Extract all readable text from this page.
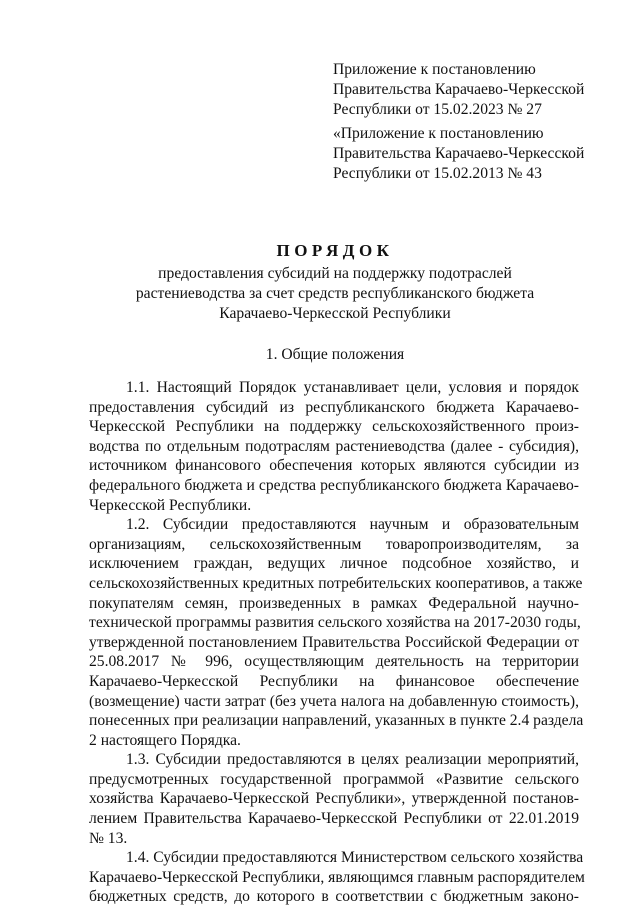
Приложение к постановлению
Правительства Карачаево-Черкесской
Республики от 15.02.2023 № 27
«Приложение к постановлению
Правительства Карачаево-Черкесской
Республики от 15.02.2013 № 43
ПОРЯДОК
предоставления субсидий на поддержку подотраслей
растениеводства за счет средств республиканского бюджета
Карачаево-Черкесской Республики
1. Общие положения
1.1. Настоящий Порядок устанавливает цели, условия и порядок
предоставления субсидий из республиканского бюджета Карачаево-
Черкесской Республики на поддержку сельскохозяйственного произ-
водства по отдельным подотраслям растениеводства (далее - субсидия),
источником финансового обеспечения которых являются субсидии из
федерального бюджета и средства республиканского бюджета Карачаево-
Черкесской Республики.
1.2. Субсидии предоставляются научным и образовательным
организациям, сельскохозяйственным товаропроизводителям, за
исключением граждан, ведущих личное подсобное хозяйство, и
сельскохозяйственных кредитных потребительских кооперативов, а также
покупателям семян, произведенных в рамках Федеральной научно-
технической программы развития сельского хозяйства на 2017-2030 годы,
утвержденной постановлением Правительства Российской Федерации от
25.08.2017 № 996, осуществляющим деятельность на территории
Карачаево-Черкесской Республики на финансовое обеспечение
(возмещение) части затрат (без учета налога на добавленную стоимость),
понесенных при реализации направлений, указанных в пункте 2.4 раздела
2 настоящего Порядка.
1.3. Субсидии предоставляются в целях реализации мероприятий,
предусмотренных государственной программой «Развитие сельского
хозяйства Карачаево-Черкесской Республики», утвержденной постанов-
лением Правительства Карачаево-Черкесской Республики от 22.01.2019
№ 13.
1.4. Субсидии предоставляются Министерством сельского хозяйства
Карачаево-Черкесской Республики, являющимся главным распорядителем
бюджетных средств, до которого в соответствии с бюджетным законо-
